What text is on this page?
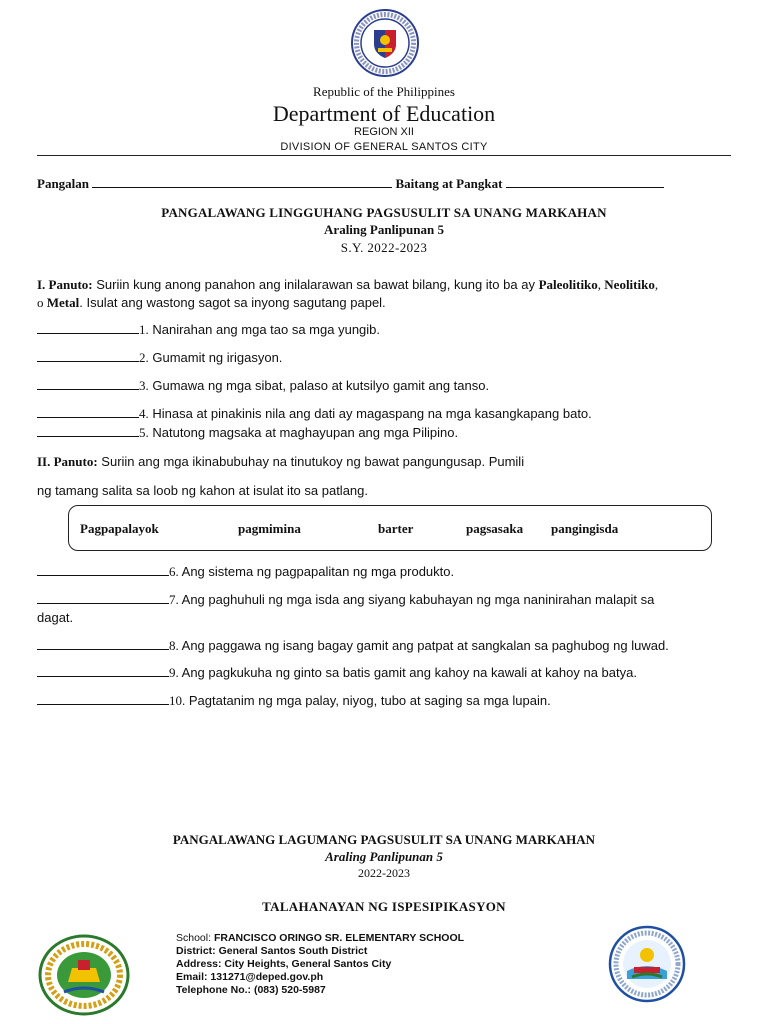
Republic of the Philippines
Department of Education
REGION XII
DIVISION OF GENERAL SANTOS CITY
Pangalan	Baitang at Pangkat
PANGALAWANG LINGGUHANG PAGSUSULIT SA UNANG MARKAHAN
Araling Panlipunan 5
S.Y. 2022-2023
I. Panuto: Suriin kung anong panahon ang inilalarawan sa bawat bilang, kung ito ba ay Paleolitiko, Neolitiko,
o Metal. Isulat ang wastong sagot sa inyong sagutang papel.
1. Nanirahan ang mga tao sa mga yungib.
2. Gumamit ng irigasyon.
3. Gumawa ng mga sibat, palaso at kutsilyo gamit ang tanso.
4. Hinasa at pinakinis nila ang dati ay magaspang na mga kasangkapang bato.
5. Natutong magsaka at maghayupan ang mga Pilipino.
II. Panuto: Suriin ang mga ikinabubuhay na tinutukoy ng bawat pangungusap. Pumili
ng tamang salita sa loob ng kahon at isulat ito sa patlang.
Pagpapalayok	pagmimina	barter	pagsasaka pangingisda
6. Ang sistema ng pagpapalitan ng mga produkto.
7. Ang paghuhuli ng mga isda ang siyang kabuhayan ng mga naninirahan malapit sa
dagat.
8. Ang paggawa ng isang bagay gamit ang patpat at sangkalan sa paghubog ng luwad.
9. Ang pagkukuha ng ginto sa batis gamit ang kahoy na kawali at kahoy na batya.
10. Pagtatanim ng mga palay, niyog, tubo at saging sa mga lupain.
PANGALAWANG LAGUMANG PAGSUSULIT SA UNANG MARKAHAN
Araling Panlipunan 5
2022-2023
TALAHANAYAN NG ISPESIPIKASYON
School: FRANCISCO ORINGO SR. ELEMENTARY SCHOOL
District: General Santos South District
Address: City Heights, General Santos City
Email: 131271@deped.gov.ph
Telephone No.: (083) 520-5987
